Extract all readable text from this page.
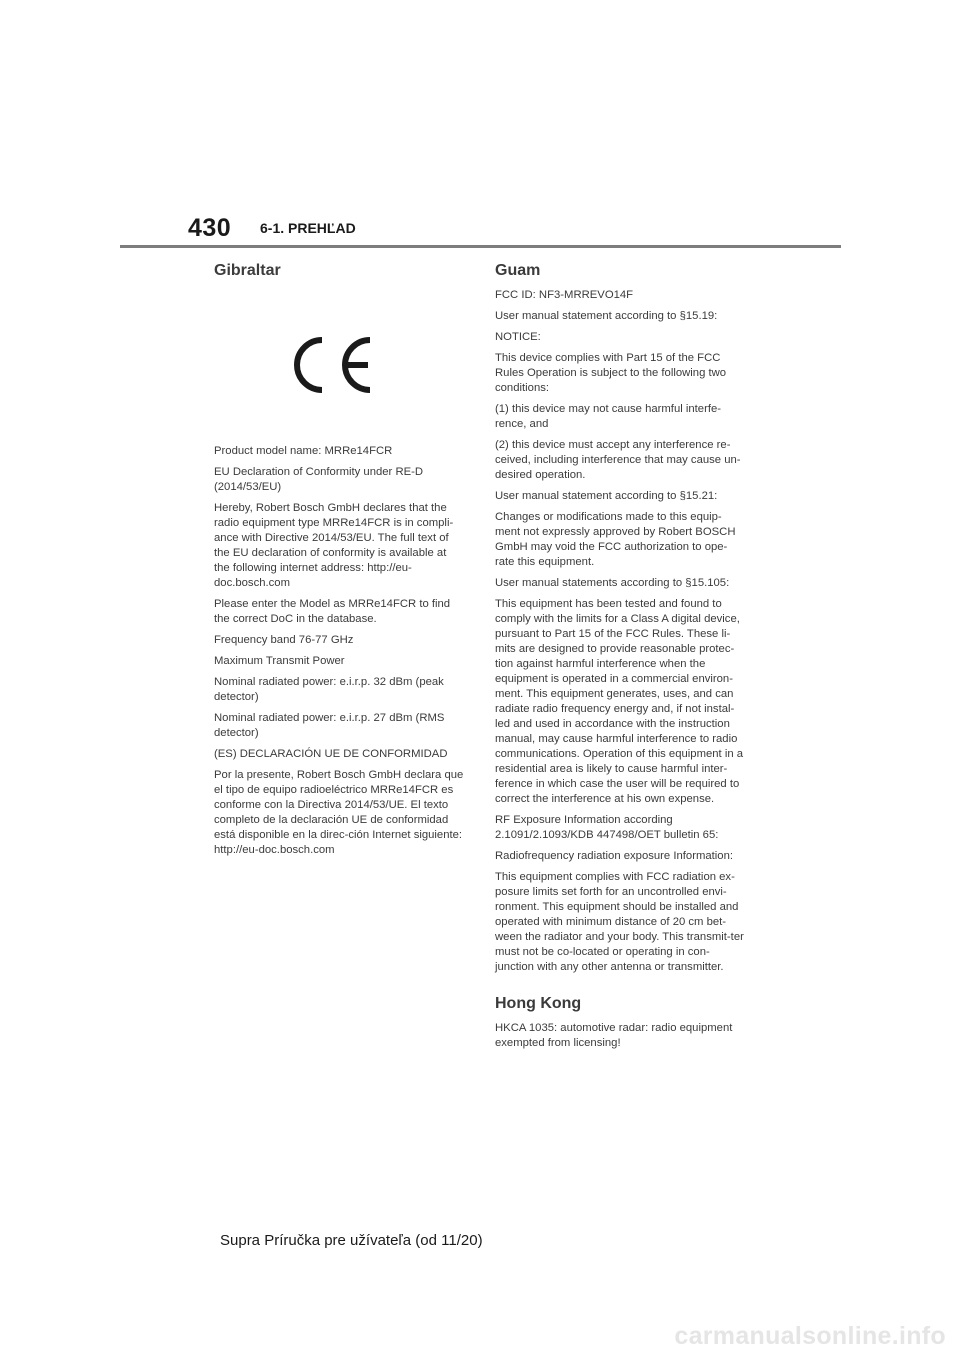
430 6-1. PREHĽAD
Gibraltar

Product model name: MRRe14FCR

EU Declaration of Conformity under RE-D (2014/53/EU)

Hereby, Robert Bosch GmbH declares that the radio equipment type MRRe14FCR is in compli-ance with Directive 2014/53/EU. The full text of the EU declaration of conformity is available at the following internet address: http://eu-doc.bosch.com

Please enter the Model as MRRe14FCR to find the correct DoC in the database.

Frequency band 76-77 GHz

Maximum Transmit Power

Nominal radiated power: e.i.r.p. 32 dBm (peak detector)

Nominal radiated power: e.i.r.p. 27 dBm (RMS detector)

(ES) DECLARACIÓN UE DE CONFORMIDAD

Por la presente, Robert Bosch GmbH declara que el tipo de equipo radioeléctrico MRRe14FCR es conforme con la Directiva 2014/53/UE. El texto completo de la declaración UE de conformidad está disponible en la direc-ción Internet siguiente: http://eu-doc.bosch.com

Guam

FCC ID: NF3-MRREVO14F

User manual statement according to §15.19:

NOTICE:

This device complies with Part 15 of the FCC Rules Operation is subject to the following two conditions:

(1) this device may not cause harmful interfe-rence, and

(2) this device must accept any interference re-ceived, including interference that may cause un-desired operation.

User manual statement according to §15.21:

Changes or modifications made to this equip-ment not expressly approved by Robert BOSCH GmbH may void the FCC authorization to ope-rate this equipment.

User manual statements according to §15.105:

This equipment has been tested and found to comply with the limits for a Class A digital device, pursuant to Part 15 of the FCC Rules. These li-mits are designed to provide reasonable protec-tion against harmful interference when the equipment is operated in a commercial environ-ment. This equipment generates, uses, and can radiate radio frequency energy and, if not instal-led and used in accordance with the instruction manual, may cause harmful interference to radio communications. Operation of this equipment in a residential area is likely to cause harmful inter-ference in which case the user will be required to correct the interference at his own expense.

RF Exposure Information according 2.1091/2.1093/KDB 447498/OET bulletin 65:

Radiofrequency radiation exposure Information:

This equipment complies with FCC radiation ex-posure limits set forth for an uncontrolled envi-ronment. This equipment should be installed and operated with minimum distance of 20 cm bet-ween the radiator and your body. This transmit-ter must not be co-located or operating in con-junction with any other antenna or transmitter.

Hong Kong

HKCA 1035: automotive radar: radio equipment exempted from licensing!

Supra Príručka pre užívateľa (od 11/20)
carmanualsonline.info
